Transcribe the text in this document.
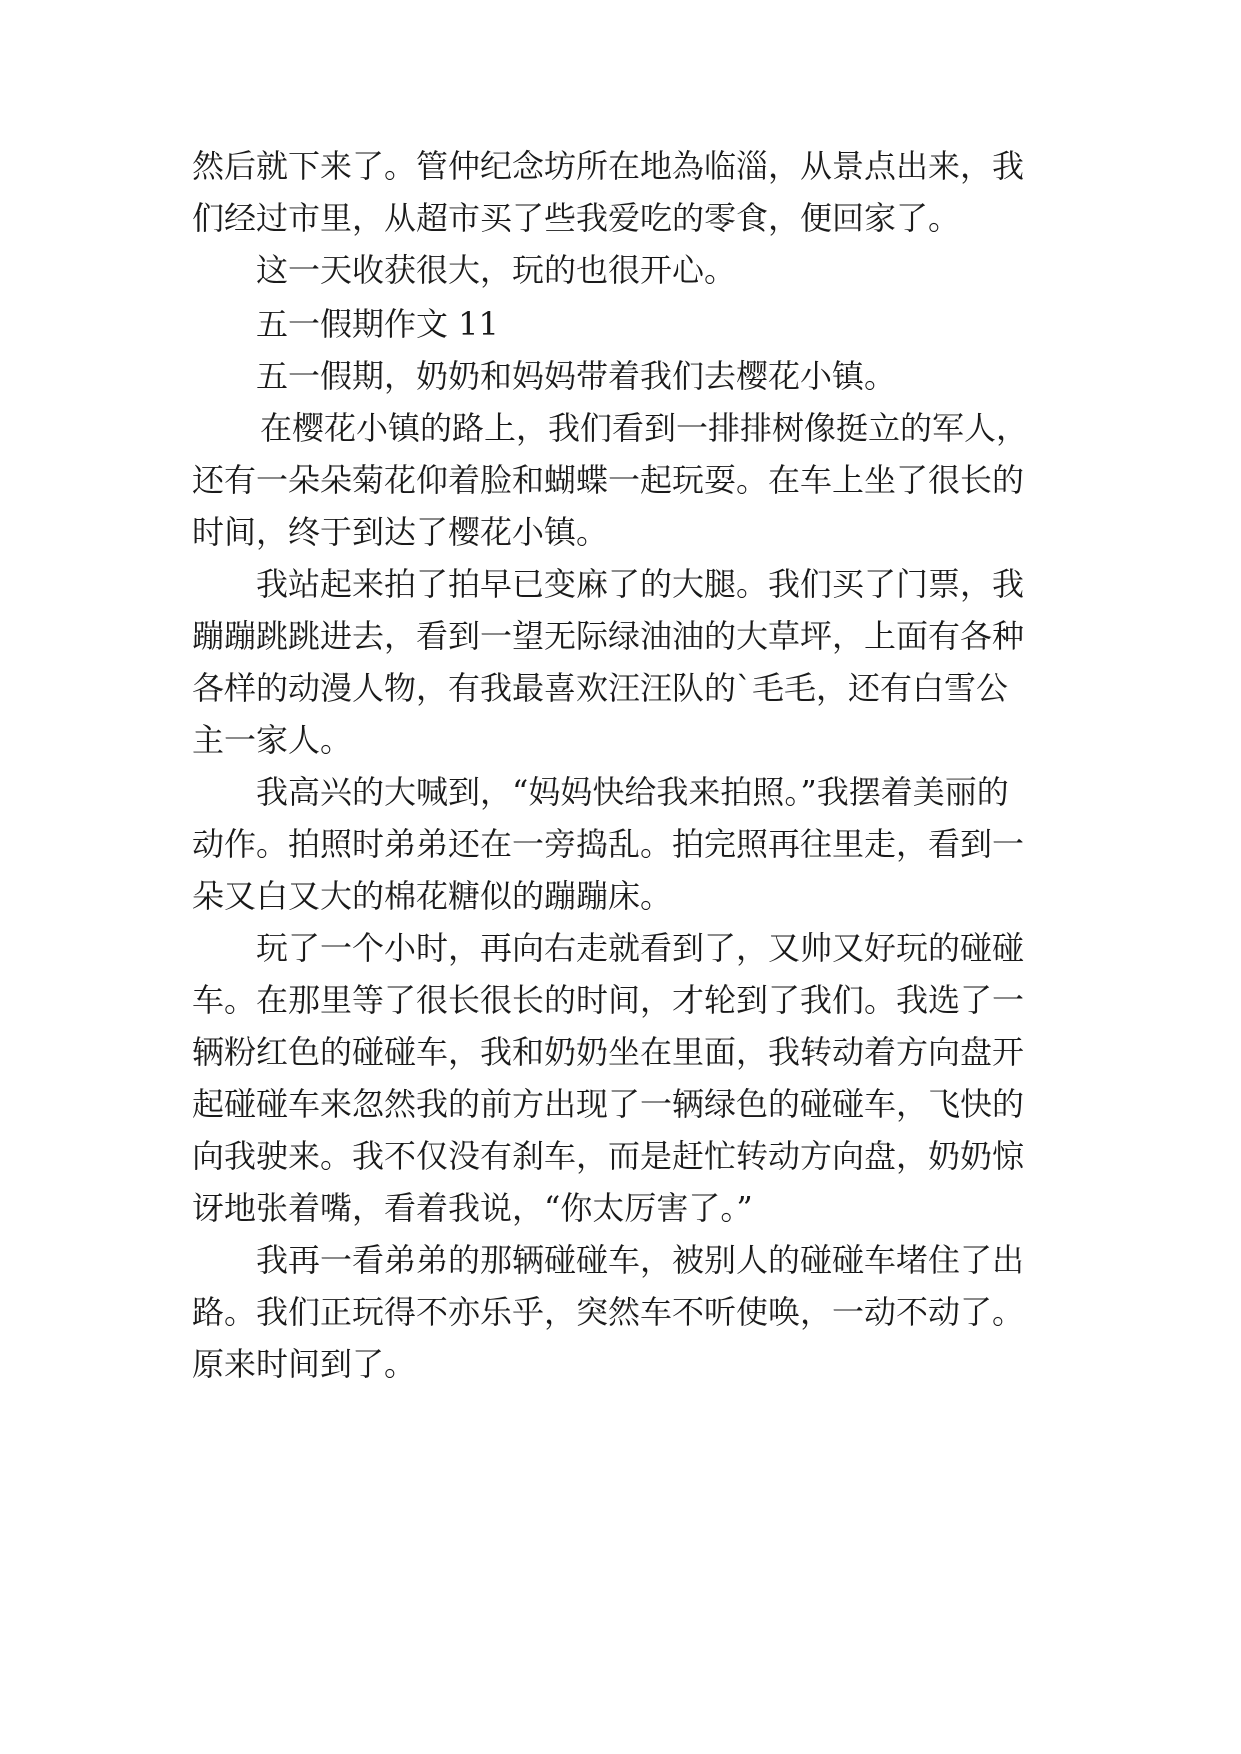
然后就下来了。管仲纪念坊所在地為临淄，从景点出来，我
们经过市里，从超市买了些我爱吃的零食，便回家了。
这一天收获很大，玩的也很开心。
五一假期作文 11
五一假期，奶奶和妈妈带着我们去樱花小镇。
在樱花小镇的路上，我们看到一排排树像挺立的军人，
还有一朵朵菊花仰着脸和蝴蝶一起玩耍。在车上坐了很长的
时间，终于到达了樱花小镇。
我站起来拍了拍早已变麻了的大腿。我们买了门票，我
蹦蹦跳跳进去，看到一望无际绿油油的大草坪，上面有各种
各样的动漫人物，有我最喜欢汪汪队的`毛毛，还有白雪公
主一家人。
我高兴的大喊到，“妈妈快给我来拍照。”我摆着美丽的
动作。拍照时弟弟还在一旁捣乱。拍完照再往里走，看到一
朵又白又大的棉花糖似的蹦蹦床。
玩了一个小时，再向右走就看到了，又帅又好玩的碰碰
车。在那里等了很长很长的时间，才轮到了我们。我选了一
辆粉红色的碰碰车，我和奶奶坐在里面，我转动着方向盘开
起碰碰车来忽然我的前方出现了一辆绿色的碰碰车，飞快的
向我驶来。我不仅没有刹车，而是赶忙转动方向盘，奶奶惊
讶地张着嘴，看着我说，“你太厉害了。”
我再一看弟弟的那辆碰碰车，被别人的碰碰车堵住了出
路。我们正玩得不亦乐乎，突然车不听使唤，一动不动了。
原来时间到了。
